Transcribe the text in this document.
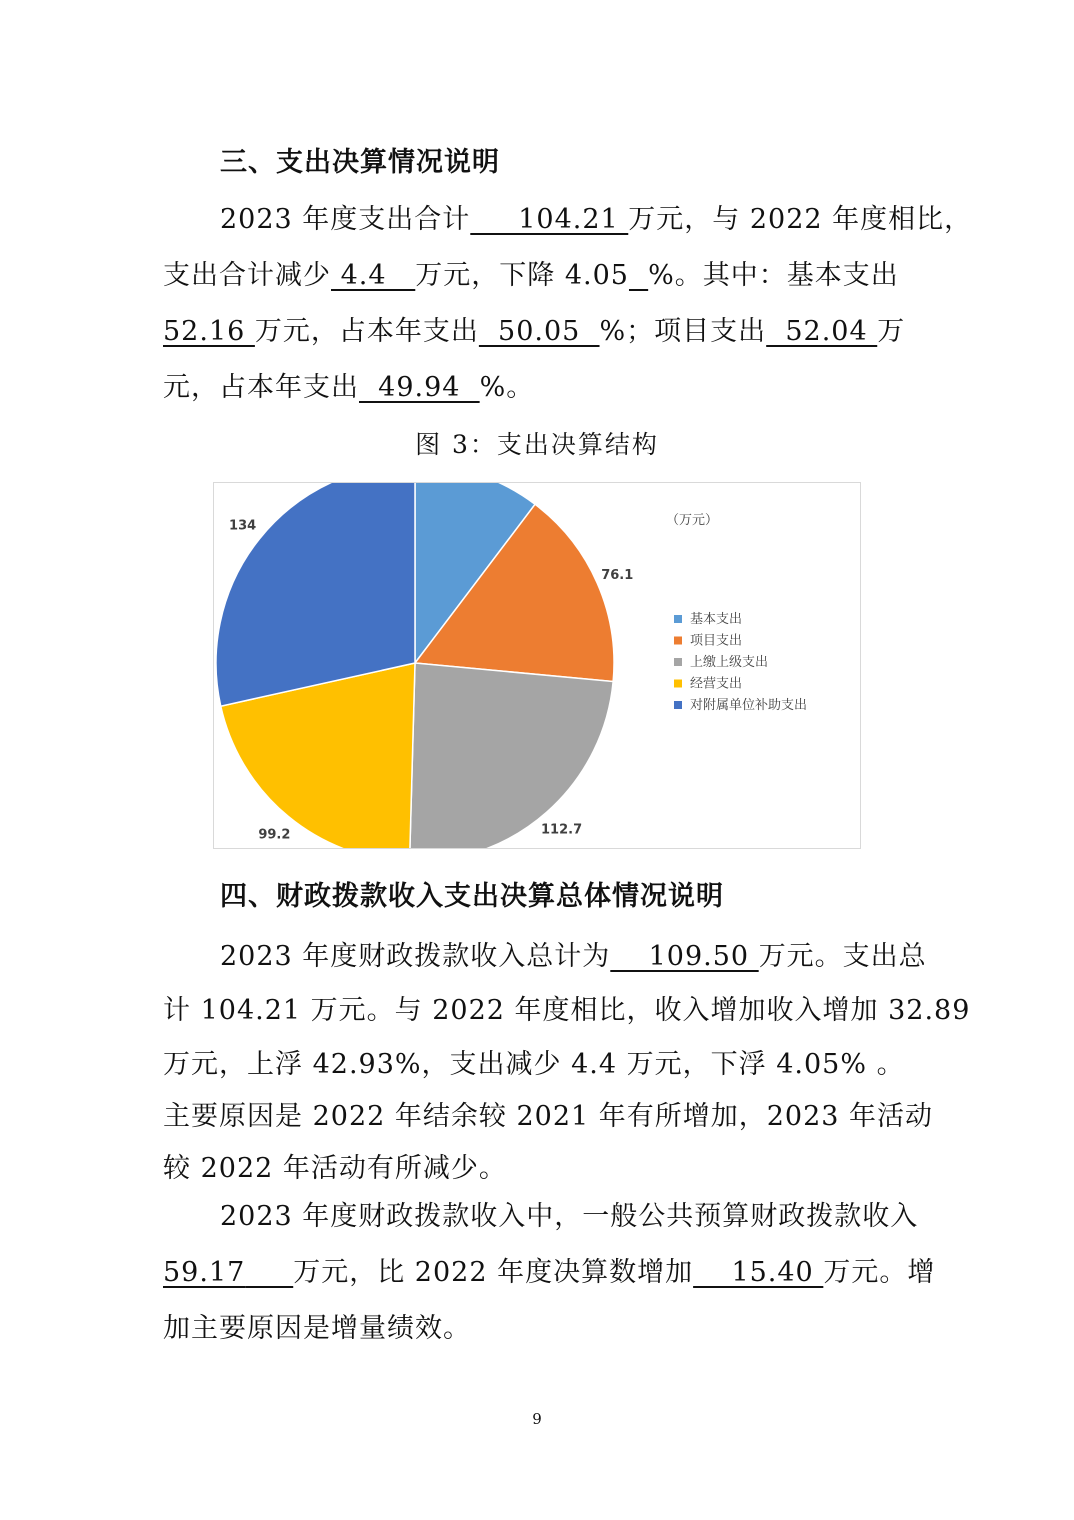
三、支出决算情况说明
2023 年度支出合计     104.21 万元，与 2022 年度相比，
支出合计减少 4.4   万元，下降 4.05 %。其中：基本支出
52.16 万元，占本年支出  50.05  %；项目支出  52.04 万
元，占本年支出  49.94  %。
图 3：支出决算结构
76.1
112.7
99.2
134	（万元）
基本支出
项目支出
上缴上级支出
经营支出
对附属单位补助支出
四、财政拨款收入支出决算总体情况说明
2023 年度财政拨款收入总计为    109.50 万元。支出总
计 104.21 万元。与 2022 年度相比，收入增加收入增加 32.89
万元，上浮 42.93%，支出减少 4.4 万元，下浮 4.05% 。
主要原因是 2022 年结余较 2021 年有所增加，2023 年活动
较 2022 年活动有所减少。
2023 年度财政拨款收入中，一般公共预算财政拨款收入
59.17 万元，比 2022 年度决算数增加    15.40 万元。增
加主要原因是增量绩效。
9
